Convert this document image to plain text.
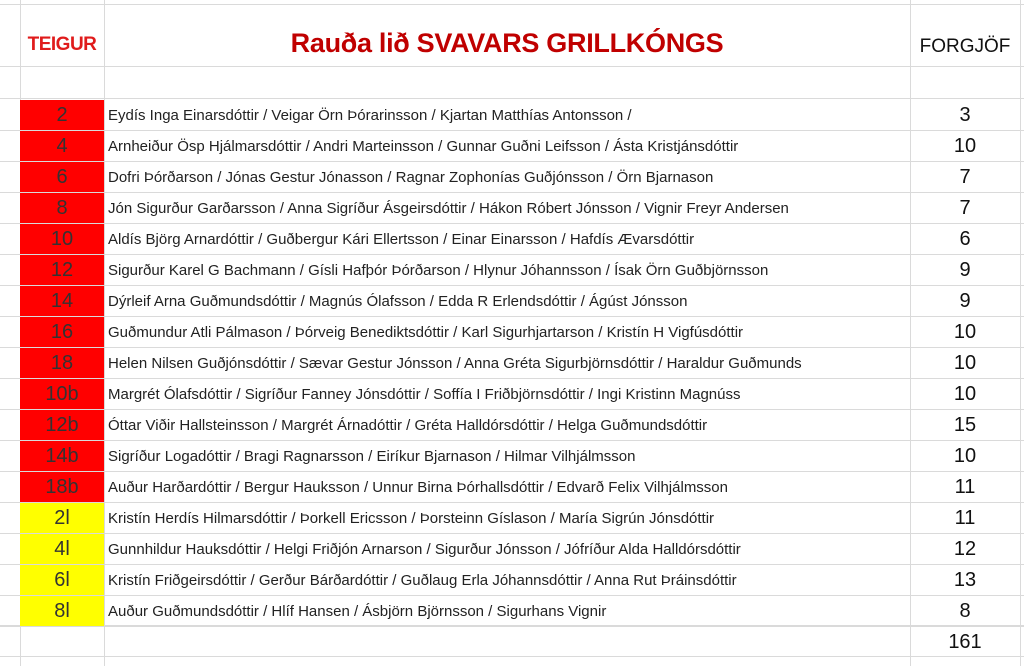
TEIGUR	Rauða lið SVAVARS GRILLKÓNGS	FORGJÖF
2	Eydís Inga Einarsdóttir / Veigar Örn Þórarinsson / Kjartan Matthías Antonsson /	3
4	Arnheiður Ösp Hjálmarsdóttir / Andri Marteinsson / Gunnar Guðni Leifsson / Ásta Kristjánsdóttir	10
6	Dofri Þórðarson / Jónas Gestur Jónasson / Ragnar Zophonías Guðjónsson / Örn Bjarnason	7
8	Jón Sigurður Garðarsson / Anna Sigríður Ásgeirsdóttir / Hákon Róbert Jónsson / Vignir Freyr Andersen	7
10	Aldís Björg Arnardóttir / Guðbergur Kári Ellertsson / Einar Einarsson / Hafdís Ævarsdóttir	6
12	Sigurður Karel G Bachmann / Gísli Hafþór Þórðarson / Hlynur Jóhannsson / Ísak Örn Guðbjörnsson	9
14	Dýrleif Arna Guðmundsdóttir / Magnús Ólafsson / Edda R Erlendsdóttir / Ágúst Jónsson	9
16	Guðmundur Atli Pálmason / Þórveig Benediktsdóttir / Karl Sigurhjartarson / Kristín H Vigfúsdóttir	10
18	Helen Nilsen Guðjónsdóttir / Sævar Gestur Jónsson / Anna Gréta Sigurbjörnsdóttir / Haraldur Guðmunds	10
10b	Margrét Ólafsdóttir / Sigríður Fanney Jónsdóttir / Soffía I Friðbjörnsdóttir / Ingi Kristinn Magnúss	10
12b	Óttar Viðir Hallsteinsson / Margrét Árnadóttir / Gréta Halldórsdóttir / Helga Guðmundsdóttir	15
14b	Sigríður Logadóttir / Bragi Ragnarsson / Eiríkur Bjarnason / Hilmar Vilhjálmsson	10
18b	Auður Harðardóttir / Bergur Hauksson / Unnur Birna Þórhallsdóttir / Edvarð Felix Vilhjálmsson	11
2l	Kristín Herdís Hilmarsdóttir / Þorkell Ericsson / Þorsteinn Gíslason / María Sigrún Jónsdóttir	11
4l	Gunnhildur Hauksdóttir / Helgi Friðjón Arnarson / Sigurður Jónsson / Jófríður Alda Halldórsdóttir	12
6l	Kristín Friðgeirsdóttir / Gerður Bárðardóttir / Guðlaug Erla Jóhannsdóttir / Anna Rut Þráinsdóttir	13
8l	Auður Guðmundsdóttir / Hlíf Hansen / Ásbjörn Björnsson / Sigurhans Vignir	8
161
